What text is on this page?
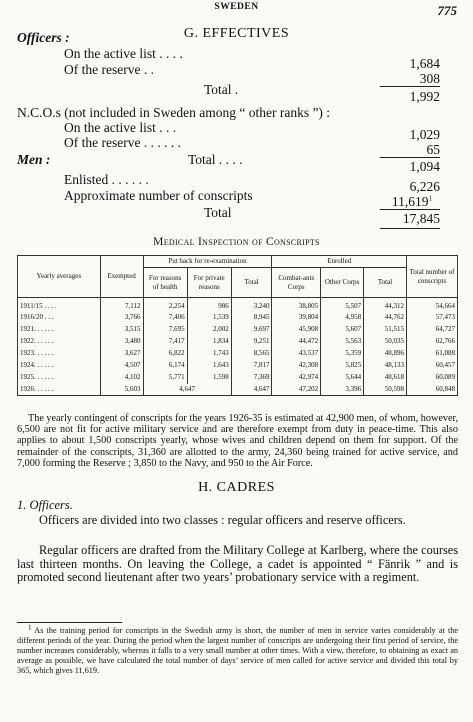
SWEDEN	775
G. EFFECTIVES
Officers :
On the active list . . . .
1,684
Of the reserve . .
308
Total .	1,992
N.C.O.s (not included in Sweden among “ other ranks ”) :
On the active list . . .	1,029
Of the reserve . . . . . .	65
Men :	Total . . . .	1,094
Enlisted . . . . . .	6,226
Approximate number of conscripts	11,619$^1$
Total	17,845
Medical Inspection of Conscripts
Yearly averages	Exempted	Put back for re-examination			Enrolled			Total number of conscripts
		For reasons of health	For private reasons	Total	Combat-ants Corps	Other Corps	Total	
1911/15 . . . .	7,112	2,254	986	3,240	38,805	5,507	44,312	54,664
1916/20 . . .	3,766	7,406	1,539	8,945	39,804	4,958	44,762	57,473
1921. . . . . .	3,515	7,695	2,002	9,697	45,908	5,607	51,515	64,727
1922. . . . . .	3,480	7,417	1,834	9,251	44,472	5,563	50,035	62,766
1923. . . . . .	3,627	6,822	1,743	8,565	43,537	5,359	48,896	61,088
1924. . . . . .	4,507	6,174	1,643	7,817	42,308	5,825	48,133	60,457
1925. . . . . .	4,102	5,771	1,598	7,369	42,974	5,644	48,618	60,089
1926. . . . . .	5,603	4,647		4,647	47,202	3,396	50,598	60,848
The yearly contingent of conscripts for the years 1926-35 is estimated at 42,900 men, of whom, however, 6,500 are not fit for active military service and are therefore exempt from duty in peace-time. This also applies to about 1,500 conscripts yearly, whose wives and children depend on them for support. Of the remainder of the conscripts, 31,360 are allotted to the army, 24,360 being trained for active service, and 7,000 forming the Reserve ; 3,850 to the Navy, and 950 to the Air Force.
H. CADRES
1. Officers.
Officers are divided into two classes : regular officers and reserve officers.
Regular officers are drafted from the Military College at Karlberg, where the courses last thirteen months. On leaving the College, a cadet is appointed “ Fänrik ” and is promoted second lieutenant after two years’ probationary service with a regiment.
$^1$ As the training period for conscripts in the Swedish army is short, the number of men in service varies considerably at the different periods of the year. During the period when the largest number of conscripts are undergoing their first period of service, the number increases considerably, whereas it falls to a very small number at other times. With a view, therefore, to obtaining as exact an average as possible, we have calculated the total number of days’ service of men called for active service and divided this total by 365, which gives 11,619.
